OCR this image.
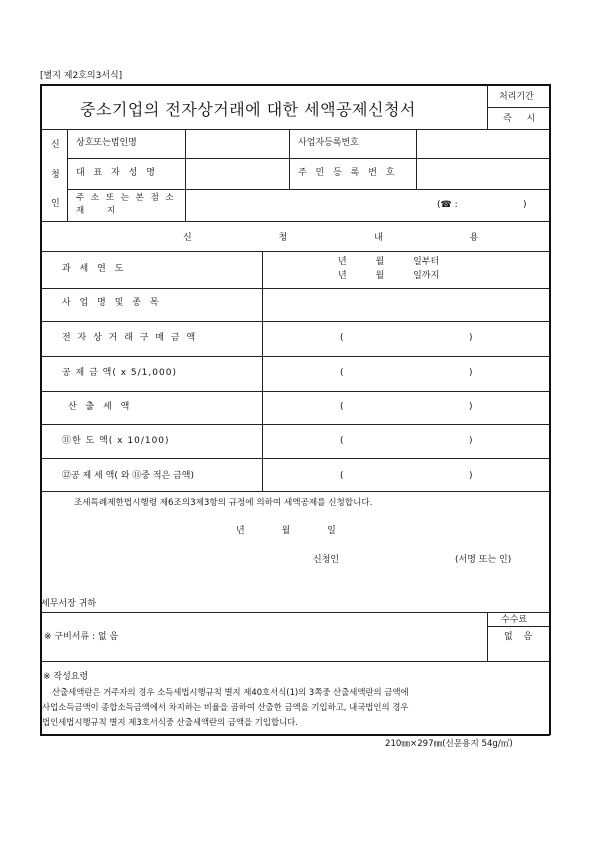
[별지 제2호의3서식]
중소기업의 전자상거래에 대한 세액공제신청서
처리기간
즉 시
신
청
인
상호또는법인명	사업자등록번호
대 표 자 성 명	주 민 등 록 번 호
주 소 또 는 본 점 소
재 지
(☎ :	)
신 청 내 용
과 세 연 도
년 월 일부터
년 월 일까지
사 업 명 및 종 목
전 자 상 거 래 구 매 금 액	(	)
공 제 금 액( x 5/1,000)	(	)
산 출 세 액	(	)
⑪한 도 액( x 10/100)	(	)
⑫공 제 세 액( 와 ⑪중 적은 금액)	(	)
조세특례제한법시행령 제6조의3제3항의 규정에 의하여 세액공제를 신청합니다.
년 월 일
신청인	(서명 또는 인)
세무서장 귀하
수수료
없 음
※ 구비서류 : 없 음
※ 작성요령
산출세액란은 거주자의 경우 소득세법시행규칙 별지 제40호서식(1)의 3쪽중 산출세액란의 금액에
사업소득금액이 종합소득금액에서 차지하는 비율을 곱하여 산출한 금액을 기입하고, 내국법인의 경우
법인세법시행규칙 별지 제3호서식중 산출세액란의 금액을 기입합니다.
210㎜×297㎜(신문용지 54g/㎡)
